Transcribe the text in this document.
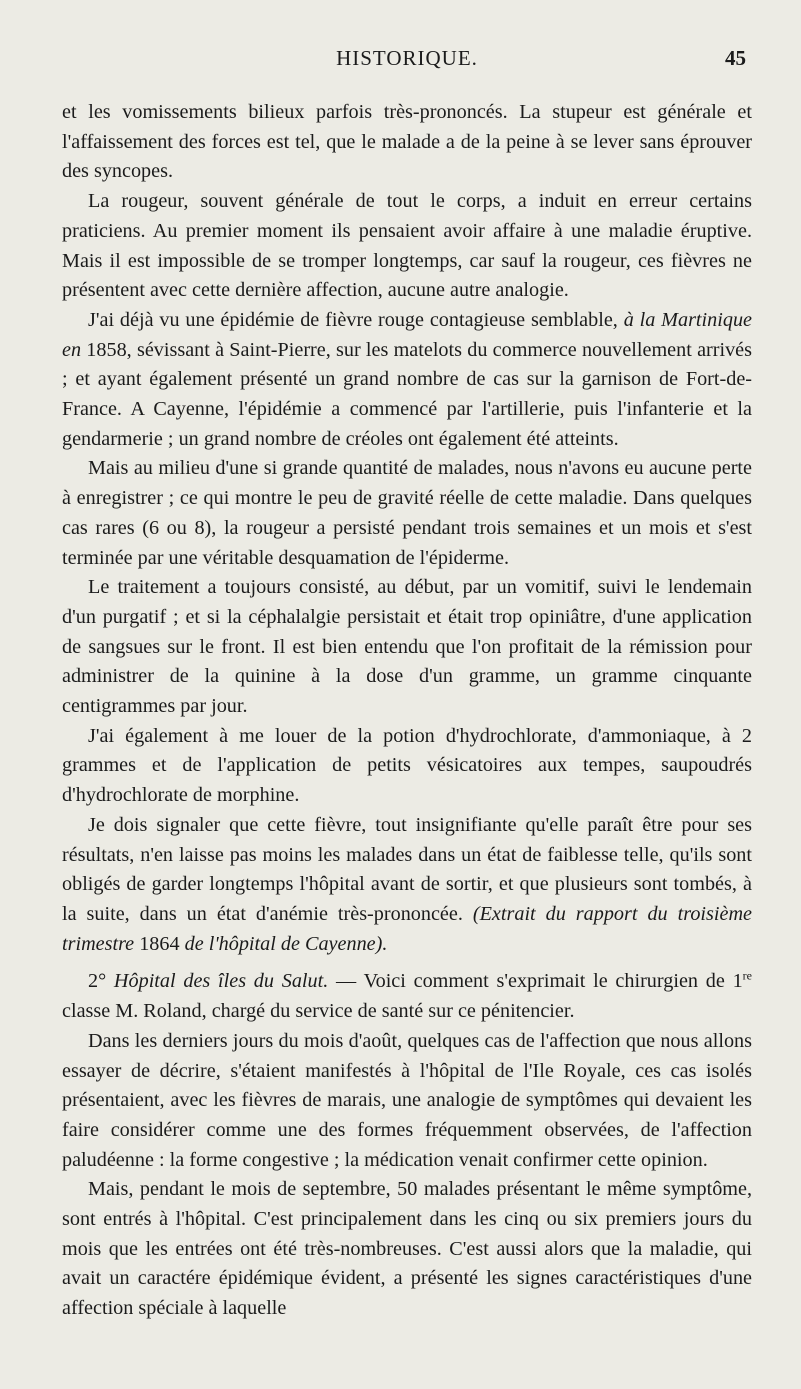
HISTORIQUE.	45

et les vomissements bilieux parfois très-prononcés. La stupeur est générale et l'affaissement des forces est tel, que le malade a de la peine à se lever sans éprouver des syncopes.

La rougeur, souvent générale de tout le corps, a induit en erreur certains praticiens. Au premier moment ils pensaient avoir affaire à une maladie éruptive. Mais il est impossible de se tromper longtemps, car sauf la rougeur, ces fièvres ne présentent avec cette dernière affection, aucune autre analogie.

J'ai déjà vu une épidémie de fièvre rouge contagieuse semblable, à la Martinique en 1858, sévissant à Saint-Pierre, sur les matelots du commerce nouvellement arrivés ; et ayant également présenté un grand nombre de cas sur la garnison de Fort-de-France. A Cayenne, l'épidémie a commencé par l'artillerie, puis l'infanterie et la gendarmerie ; un grand nombre de créoles ont également été atteints.

Mais au milieu d'une si grande quantité de malades, nous n'avons eu aucune perte à enregistrer ; ce qui montre le peu de gravité réelle de cette maladie. Dans quelques cas rares (6 ou 8), la rougeur a persisté pendant trois semaines et un mois et s'est terminée par une véritable desquamation de l'épiderme.

Le traitement a toujours consisté, au début, par un vomitif, suivi le lendemain d'un purgatif ; et si la céphalalgie persistait et était trop opiniâtre, d'une application de sangsues sur le front. Il est bien entendu que l'on profitait de la rémission pour administrer de la quinine à la dose d'un gramme, un gramme cinquante centigrammes par jour.

J'ai également à me louer de la potion d'hydrochlorate, d'ammoniaque, à 2 grammes et de l'application de petits vésicatoires aux tempes, saupoudrés d'hydrochlorate de morphine.

Je dois signaler que cette fièvre, tout insignifiante qu'elle paraît être pour ses résultats, n'en laisse pas moins les malades dans un état de faiblesse telle, qu'ils sont obligés de garder longtemps l'hôpital avant de sortir, et que plusieurs sont tombés, à la suite, dans un état d'anémie très-prononcée. (Extrait du rapport du troisième trimestre 1864 de l'hôpital de Cayenne).

2° Hôpital des îles du Salut. — Voici comment s'exprimait le chirurgien de 1re classe M. Roland, chargé du service de santé sur ce pénitencier.

Dans les derniers jours du mois d'août, quelques cas de l'affection que nous allons essayer de décrire, s'étaient manifestés à l'hôpital de l'Ile Royale, ces cas isolés présentaient, avec les fièvres de marais, une analogie de symptômes qui devaient les faire considérer comme une des formes fréquemment observées, de l'affection paludéenne : la forme congestive ; la médication venait confirmer cette opinion.

Mais, pendant le mois de septembre, 50 malades présentant le même symptôme, sont entrés à l'hôpital. C'est principalement dans les cinq ou six premiers jours du mois que les entrées ont été très-nombreuses. C'est aussi alors que la maladie, qui avait un caractére épidémique évident, a présenté les signes caractéristiques d'une affection spéciale à laquelle
